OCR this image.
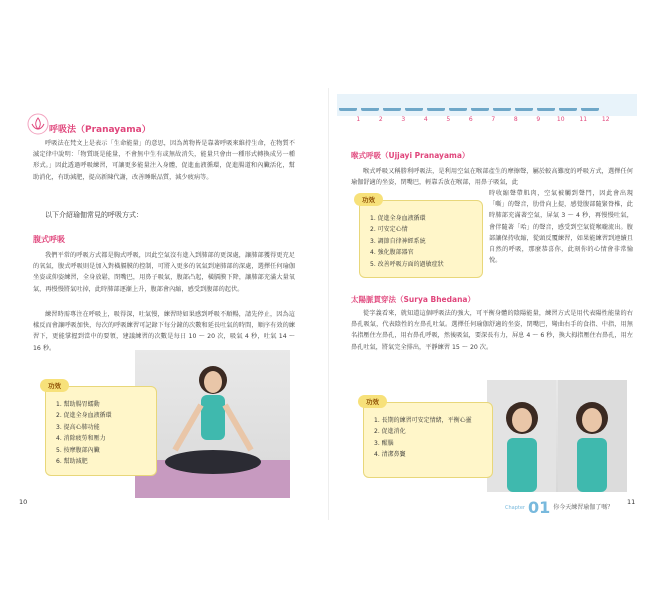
呼吸法（Pranayama）

呼吸法在梵文上是表示「生命能量」的意思，因為萬物皆是靠著呼吸來維持生命，在物質不滅定律中說明：「物質既是能量，不會無中生有或無故消失，能量只會由一種形式轉換成另一種形式。」因此透過呼吸練習，可讓更多能量注入身體，促進血液循環，促進腸道和內臟活化，幫助消化，有助減肥，提高新陳代謝，改善睡眠品質，減少疲病等。

以下介紹瑜伽常見的呼吸方式：
腹式呼吸

我們平常的呼吸方式都是胸式呼吸，因此空氣沒有進入到肺部的更深處，讓肺部獲得更充足的氧氣，腹式呼吸則是加入對橫膈膜的控制，可將入更多的氧氣到達肺部的深處，選擇任何瑜伽坐姿或仰姿練習，全身放鬆，閉嘴巴，用鼻子吸氣，腹部凸起，橫膈膜下降，讓肺部充滿大量氧氣，再慢慢將氣吐掉，此時肺部逐漸上升，腹部會內縮，感受到腹部的起伏。

練習時需專注在呼吸上，吸得深，吐氣慢，練習時如果感到呼吸不順暢，請先停止，因為這樣反而會讓呼吸加快，每次的呼吸練習可記錄下每分鐘的次數和延長吐氣的時間，順序有效的練習下，更能掌握到當中的要領，建議練習的次數是每日 10 ～ 20 次，吸氣 4 秒，吐氣 14 ～ 16 秒。

功效
1. 幫助腸胃蠕動
2. 促進全身血液循環
3. 提高心肺功能
4. 消除疲勞和壓力
5. 按摩腹部內臟
6. 幫助減肥
10
1	2	3	4	5	6	7	8	9	10 11 12
喉式呼吸（Ujjayi Pranayama）

喉式呼吸又稱勝利呼吸法，是利用空氣在喉部產生的摩擦聲，屬於較高難度的呼吸方式，選擇任何瑜伽舒適的坐姿，閉嘴巴，輕靠舌放在喉部，用鼻子吸氣，此

功效
1. 促進全身血液循環
2. 可安定心情
3. 調節自律神經系統
4. 強化腹部器官
5. 改善呼吸方面的過敏症狀

時收縮聲帶肌肉，空氣被觸到聲門，因此會出現「嘶」的聲音，肋骨向上提，感覺腹部隨緊脊椎，此時肺部充滿著空氣，屏氣 3 ～ 4 秒，再慢慢吐氣，會伴隨著「哈」的聲音，感受到空氣從喉嚨流出。腹部讓保持收縮，從頭反覆練習，如果能練習到連續且自然的呼吸，那麼恭喜你，此刻你的心情會非常愉悅。

太陽脈貫穿法（Surya Bhedana）

從字義看來，就知道這個呼吸法的強大，可平衡身體的陰陽能量，練習方式是用代表陽性能量的右鼻孔吸氣，代表陰性的左鼻孔吐氣。選擇任何瑜伽舒適的坐姿，閉嘴巴，彎曲右手的食指、中指，用無名指壓住左鼻孔，用右鼻孔呼吸，然後吸氣，要深長有力，屏息 4 ～ 6 秒，換大拇指壓住右鼻孔，用左鼻孔吐氣，將氣完全排出，平靜練習 15 ～ 20 次。

功效
1. 長期的練習可安定情緒，平衡心靈
2. 促進消化
3. 醒腦
4. 清潔鼻竇
Chapter 01 你今天練習瑜伽了嗎？
11
